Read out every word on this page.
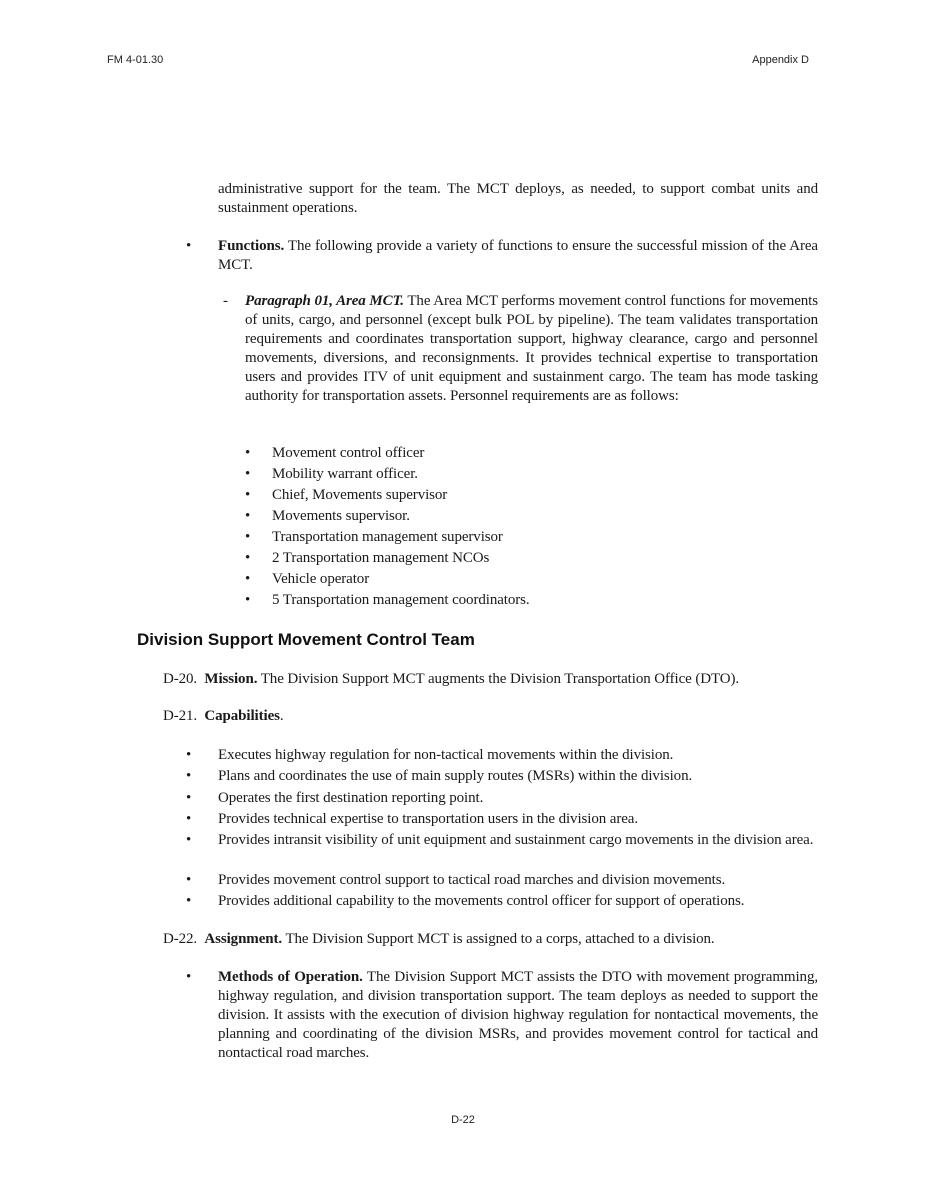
FM 4-01.30	Appendix D
administrative support for the team. The MCT deploys, as needed, to support combat units and sustainment operations.
• Functions. The following provide a variety of functions to ensure the successful mission of the Area MCT.
- Paragraph 01, Area MCT. The Area MCT performs movement control functions for movements of units, cargo, and personnel (except bulk POL by pipeline). The team validates transportation requirements and coordinates transportation support, highway clearance, cargo and personnel movements, diversions, and reconsignments. It provides technical expertise to transportation users and provides ITV of unit equipment and sustainment cargo. The team has mode tasking authority for transportation assets. Personnel requirements are as follows:
• Movement control officer
• Mobility warrant officer.
• Chief, Movements supervisor
• Movements supervisor.
• Transportation management supervisor
• 2 Transportation management NCOs
• Vehicle operator
• 5 Transportation management coordinators.
Division Support Movement Control Team
D-20. Mission. The Division Support MCT augments the Division Transportation Office (DTO).
D-21. Capabilities.
• Executes highway regulation for non-tactical movements within the division.
• Plans and coordinates the use of main supply routes (MSRs) within the division.
• Operates the first destination reporting point.
• Provides technical expertise to transportation users in the division area.
• Provides intransit visibility of unit equipment and sustainment cargo movements in the division area.
• Provides movement control support to tactical road marches and division movements.
• Provides additional capability to the movements control officer for support of operations.
D-22. Assignment. The Division Support MCT is assigned to a corps, attached to a division.
• Methods of Operation. The Division Support MCT assists the DTO with movement programming, highway regulation, and division transportation support. The team deploys as needed to support the division. It assists with the execution of division highway regulation for nontactical movements, the planning and coordinating of the division MSRs, and provides movement control for tactical and nontactical road marches.
D-22
